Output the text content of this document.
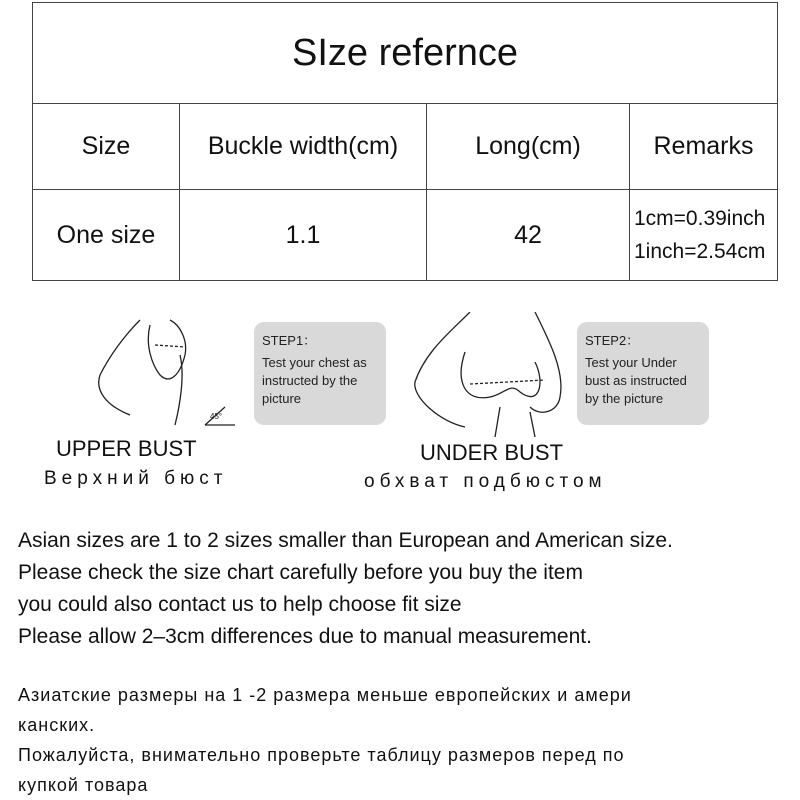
SIze refernce			
Size	Buckle width(cm)	Long(cm)	Remarks
One size	1.1	42	1cm=0.39inch
1inch=2.54cm
45°
STEP1：
Test your chest as instructed by the picture
STEP2：
Test your Under bust as instructed by the picture
UPPER BUST
Верхний бюст
UNDER BUST
обхват подбюстом
Asian sizes are 1 to 2 sizes smaller than European and American size.
Please check the size chart carefully before you buy the item
you could also contact us to help choose fit size
Please allow 2–3cm differences due to manual measurement.
Азиатские размеры на 1 -2 размера меньше европейских и амери
канских.
Пожалуйста, внимательно проверьте таблицу размеров перед по
купкой товара
